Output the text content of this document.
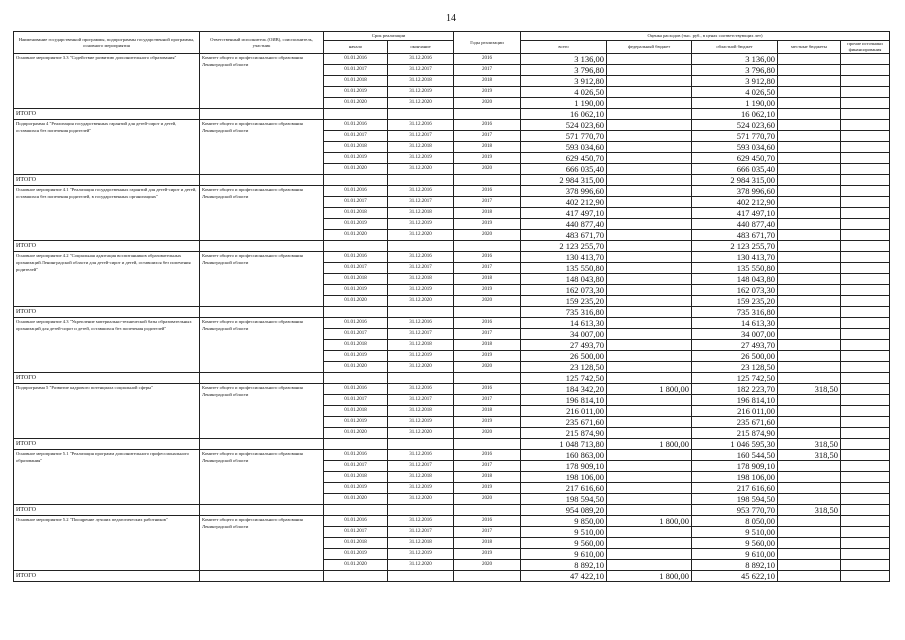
14
Наименование государственной программы, подпрограммы государственной программы, основного мероприятия	Ответственный исполнитель (ОИВ), соисполнитель, участник	Срок реализации		Годы реализации	Оценка расходов (тыс. руб., в ценах соответствующих лет)				
		начало	окончание		всего	федеральный бюджет	областной бюджет	местные бюджеты	прочие источники финансирования
Основное мероприятие 3.3 "Содействие развитию дополнительного образования"	Комитет общего и профессионального образования Ленинградской области	01.01.2016	31.12.2016	2016	3 136,00		3 136,00		
		01.01.2017	31.12.2017	2017	3 796,80		3 796,80		
		01.01.2018	31.12.2018	2018	3 912,80		3 912,80		
		01.01.2019	31.12.2019	2019	4 026,50		4 026,50		
		01.01.2020	31.12.2020	2020	1 190,00		1 190,00		
ИТОГО					16 062,10		16 062,10		
Подпрограмма 4 "Реализация государственных гарантий для детей-сирот и детей, оставшихся без попечения родителей"	Комитет общего и профессионального образования Ленинградской области	01.01.2016	31.12.2016	2016	524 023,60		524 023,60		
		01.01.2017	31.12.2017	2017	571 770,70		571 770,70		
		01.01.2018	31.12.2018	2018	593 034,60		593 034,60		
		01.01.2019	31.12.2019	2019	629 450,70		629 450,70		
		01.01.2020	31.12.2020	2020	666 035,40		666 035,40		
ИТОГО					2 984 315,00		2 984 315,00		
Основное мероприятие 4.1 "Реализация государственных гарантий для детей-сирот и детей, оставшихся без попечения родителей, в государственных организациях"	Комитет общего и профессионального образования Ленинградской области	01.01.2016	31.12.2016	2016	378 996,60		378 996,60		
		01.01.2017	31.12.2017	2017	402 212,90		402 212,90		
		01.01.2018	31.12.2018	2018	417 497,10		417 497,10		
		01.01.2019	31.12.2019	2019	440 877,40		440 877,40		
		01.01.2020	31.12.2020	2020	483 671,70		483 671,70		
ИТОГО					2 123 255,70		2 123 255,70		
Основное мероприятие 4.2 "Социальная адаптация воспитанников образовательных организаций Ленинградской области для детей-сирот и детей, оставшихся без попечения родителей"	Комитет общего и профессионального образования Ленинградской области	01.01.2016	31.12.2016	2016	130 413,70		130 413,70		
		01.01.2017	31.12.2017	2017	135 550,80		135 550,80		
		01.01.2018	31.12.2018	2018	148 043,80		148 043,80		
		01.01.2019	31.12.2019	2019	162 073,30		162 073,30		
		01.01.2020	31.12.2020	2020	159 235,20		159 235,20		
ИТОГО					735 316,80		735 316,80		
Основное мероприятие 4.3 "Укрепление материально-технической базы образовательных организаций для детей-сирот и детей, оставшихся без попечения родителей"	Комитет общего и профессионального образования Ленинградской области	01.01.2016	31.12.2016	2016	14 613,30		14 613,30		
		01.01.2017	31.12.2017	2017	34 007,00		34 007,00		
		01.01.2018	31.12.2018	2018	27 493,70		27 493,70		
		01.01.2019	31.12.2019	2019	26 500,00		26 500,00		
		01.01.2020	31.12.2020	2020	23 128,50		23 128,50		
ИТОГО					125 742,50		125 742,50		
Подпрограмма 5 "Развитие кадрового потенциала социальной сферы"	Комитет общего и профессионального образования Ленинградской области	01.01.2016	31.12.2016	2016	184 342,20	1 800,00	182 223,70	318,50	
		01.01.2017	31.12.2017	2017	196 814,10		196 814,10		
		01.01.2018	31.12.2018	2018	216 011,00		216 011,00		
		01.01.2019	31.12.2019	2019	235 671,60		235 671,60		
		01.01.2020	31.12.2020	2020	215 874,90		215 874,90		
ИТОГО					1 048 713,80	1 800,00	1 046 595,30	318,50	
Основное мероприятие 5.1 "Реализация программ дополнительного профессионального образования"	Комитет общего и профессионального образования Ленинградской области	01.01.2016	31.12.2016	2016	160 863,00		160 544,50	318,50	
		01.01.2017	31.12.2017	2017	178 909,10		178 909,10		
		01.01.2018	31.12.2018	2018	198 106,00		198 106,00		
		01.01.2019	31.12.2019	2019	217 616,60		217 616,60		
		01.01.2020	31.12.2020	2020	198 594,50		198 594,50		
ИТОГО					954 089,20		953 770,70	318,50	
Основное мероприятие 5.2 "Поощрение лучших педагогических работников"	Комитет общего и профессионального образования Ленинградской области	01.01.2016	31.12.2016	2016	9 850,00	1 800,00	8 050,00		
		01.01.2017	31.12.2017	2017	9 510,00		9 510,00		
		01.01.2018	31.12.2018	2018	9 560,00		9 560,00		
		01.01.2019	31.12.2019	2019	9 610,00		9 610,00		
		01.01.2020	31.12.2020	2020	8 892,10		8 892,10		
ИТОГО					47 422,10	1 800,00	45 622,10		
